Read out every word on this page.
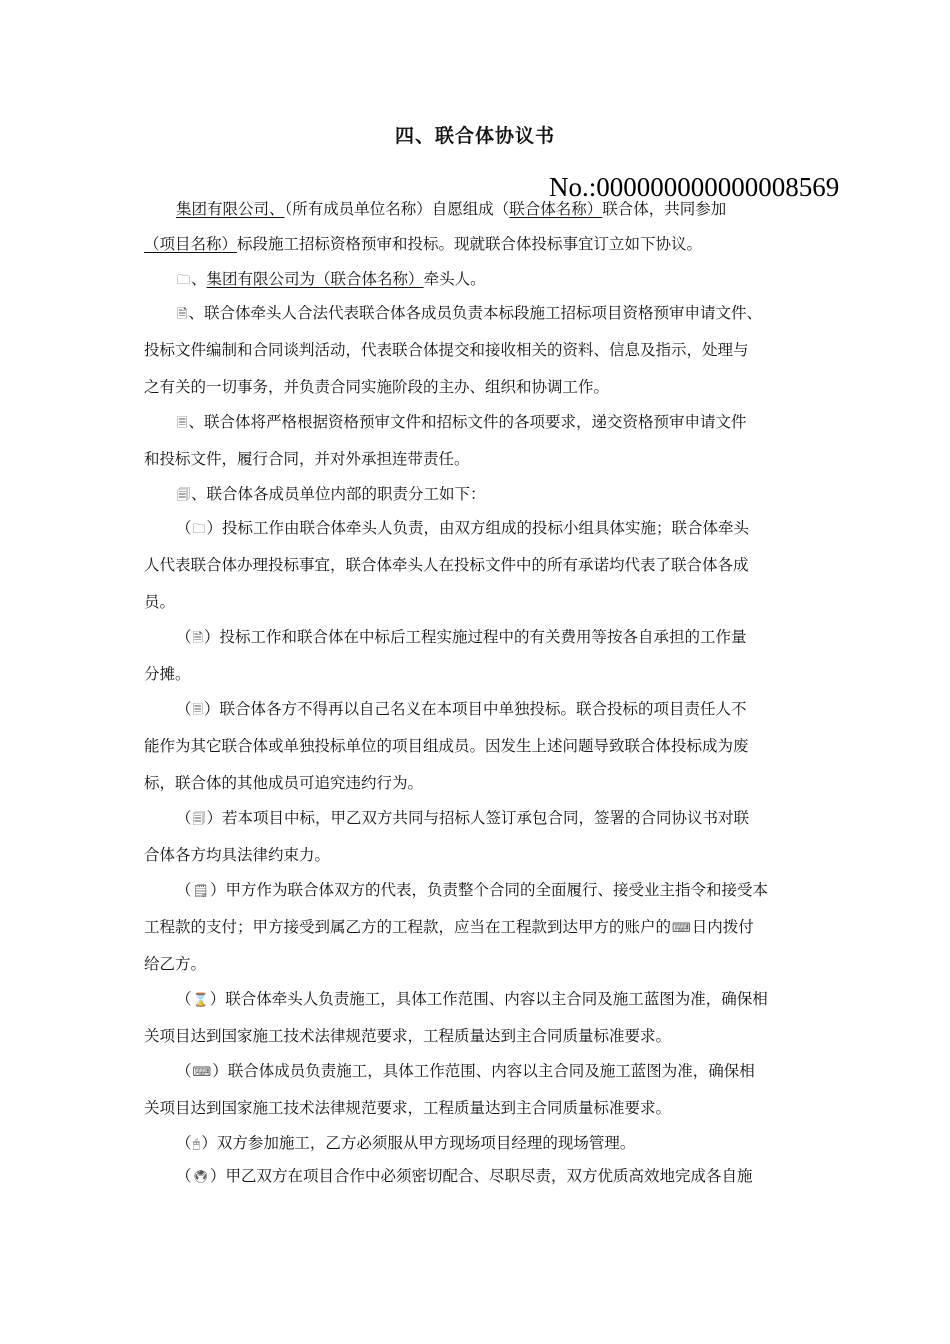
四、联合体协议书
No.:000000000000008569
集团有限公司、（所有成员单位名称）自愿组成（联合体名称）联合体，共同参加
（项目名称）标段施工招标资格预审和投标。现就联合体投标事宜订立如下协议。
🗀、集团有限公司为（联合体名称）牵头人。
🗎、联合体牵头人合法代表联合体各成员负责本标段施工招标项目资格预审申请文件、
投标文件编制和合同谈判活动，代表联合体提交和接收相关的资料、信息及指示，处理与
之有关的一切事务，并负责合同实施阶段的主办、组织和协调工作。
🗏、联合体将严格根据资格预审文件和招标文件的各项要求，递交资格预审申请文件
和投标文件，履行合同，并对外承担连带责任。
🗐、联合体各成员单位内部的职责分工如下：
（🗀）投标工作由联合体牵头人负责，由双方组成的投标小组具体实施；联合体牵头
人代表联合体办理投标事宜，联合体牵头人在投标文件中的所有承诺均代表了联合体各成
员。
（🗎）投标工作和联合体在中标后工程实施过程中的有关费用等按各自承担的工作量
分摊。
（🗏）联合体各方不得再以自己名义在本项目中单独投标。联合投标的项目责任人不
能作为其它联合体或单独投标单位的项目组成员。因发生上述问题导致联合体投标成为废
标，联合体的其他成员可追究违约行为。
（🗐）若本项目中标，甲乙双方共同与招标人签订承包合同，签署的合同协议书对联
合体各方均具法律约束力。
（🗒）甲方作为联合体双方的代表，负责整个合同的全面履行、接受业主指令和接受本
工程款的支付；甲方接受到属乙方的工程款，应当在工程款到达甲方的账户的⌨日内拨付
给乙方。
（⌛）联合体牵头人负责施工，具体工作范围、内容以主合同及施工蓝图为准，确保相
关项目达到国家施工技术法律规范要求，工程质量达到主合同质量标准要求。
（⌨）联合体成员负责施工，具体工作范围、内容以主合同及施工蓝图为准，确保相
关项目达到国家施工技术法律规范要求，工程质量达到主合同质量标准要求。
（🖰）双方参加施工，乙方必须服从甲方现场项目经理的现场管理。
（🖲）甲乙双方在项目合作中必须密切配合、尽职尽责，双方优质高效地完成各自施
